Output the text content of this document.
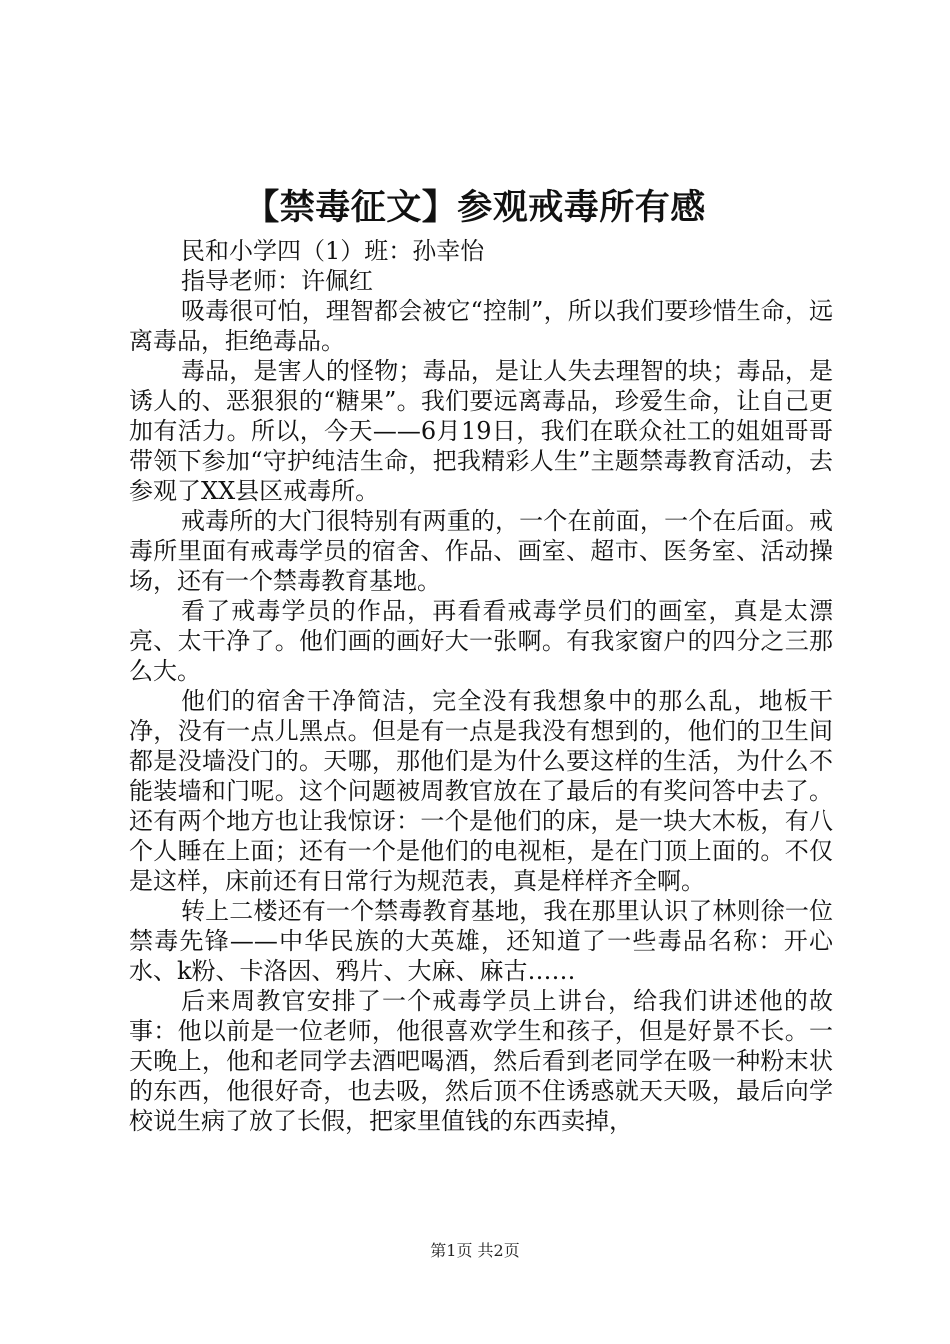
【禁毒征文】参观戒毒所有感

民和小学四（1）班：孙幸怡

指导老师：许佩红

吸毒很可怕，理智都会被它“控制”，所以我们要珍惜生命，远离毒品，拒绝毒品。

毒品，是害人的怪物；毒品，是让人失去理智的块；毒品，是诱人的、恶狠狠的“糖果”。我们要远离毒品，珍爱生命，让自己更加有活力。所以，今天——6月19日，我们在联众社工的姐姐哥哥带领下参加“守护纯洁生命，把我精彩人生”主题禁毒教育活动，去参观了XX县区戒毒所。

戒毒所的大门很特别有两重的，一个在前面，一个在后面。戒毒所里面有戒毒学员的宿舍、作品、画室、超市、医务室、活动操场，还有一个禁毒教育基地。

看了戒毒学员的作品，再看看戒毒学员们的画室，真是太漂亮、太干净了。他们画的画好大一张啊。有我家窗户的四分之三那么大。

他们的宿舍干净简洁，完全没有我想象中的那么乱，地板干净，没有一点儿黑点。但是有一点是我没有想到的，他们的卫生间都是没墙没门的。天哪，那他们是为什么要这样的生活，为什么不能装墙和门呢。这个问题被周教官放在了最后的有奖问答中去了。还有两个地方也让我惊讶：一个是他们的床，是一块大木板，有八个人睡在上面；还有一个是他们的电视柜，是在门顶上面的。不仅是这样，床前还有日常行为规范表，真是样样齐全啊。

转上二楼还有一个禁毒教育基地，我在那里认识了林则徐一位禁毒先锋——中华民族的大英雄，还知道了一些毒品名称：开心水、k粉、卡洛因、鸦片、大麻、麻古……

后来周教官安排了一个戒毒学员上讲台，给我们讲述他的故事：他以前是一位老师，他很喜欢学生和孩子，但是好景不长。一天晚上，他和老同学去酒吧喝酒，然后看到老同学在吸一种粉末状的东西，他很好奇，也去吸，然后顶不住诱惑就天天吸，最后向学校说生病了放了长假，把家里值钱的东西卖掉，

第1页 共2页
